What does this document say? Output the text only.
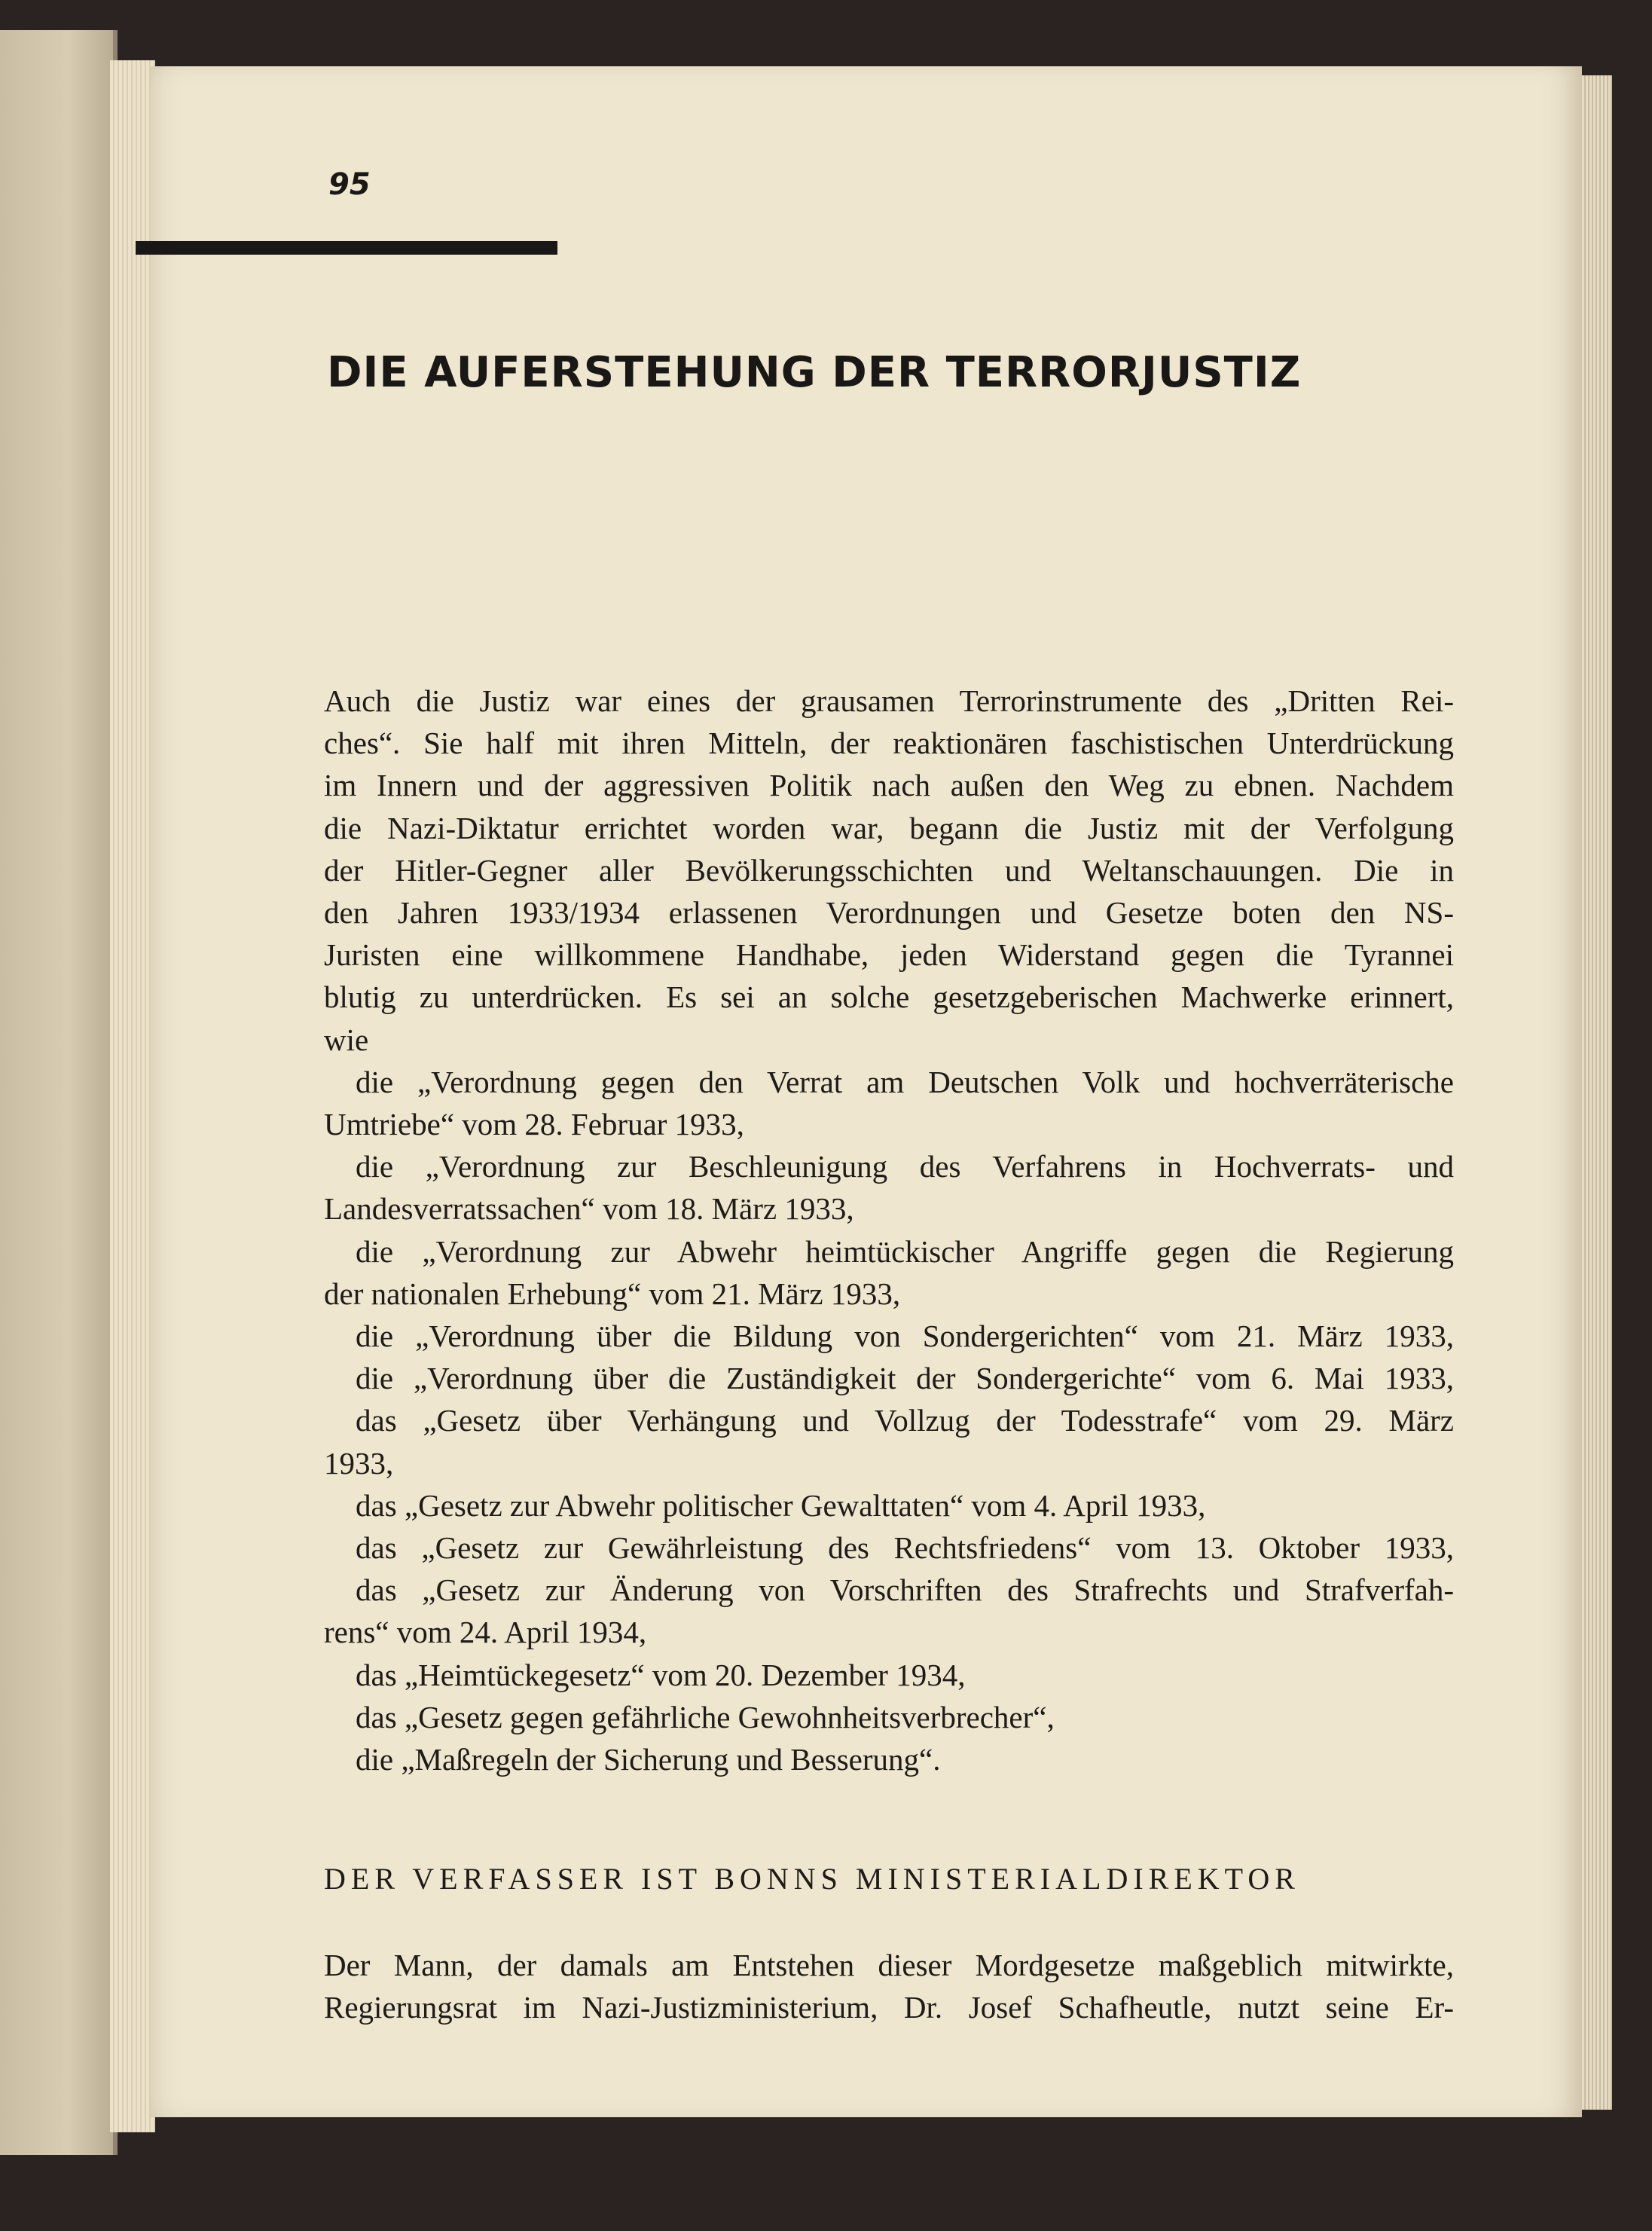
95
DIE AUFERSTEHUNG DER TERRORJUSTIZ
Auch die Justiz war eines der grausamen Terrorinstrumente des „Dritten Rei-
ches“. Sie half mit ihren Mitteln, der reaktionären faschistischen Unterdrückung
im Innern und der aggressiven Politik nach außen den Weg zu ebnen. Nachdem
die Nazi-Diktatur errichtet worden war, begann die Justiz mit der Verfolgung
der Hitler-Gegner aller Bevölkerungsschichten und Weltanschauungen. Die in
den Jahren 1933/1934 erlassenen Verordnungen und Gesetze boten den NS-
Juristen eine willkommene Handhabe, jeden Widerstand gegen die Tyrannei
blutig zu unterdrücken. Es sei an solche gesetzgeberischen Machwerke erinnert,
wie
die „Verordnung gegen den Verrat am Deutschen Volk und hochverräterische
Umtriebe“ vom 28. Februar 1933,
die „Verordnung zur Beschleunigung des Verfahrens in Hochverrats- und
Landesverratssachen“ vom 18. März 1933,
die „Verordnung zur Abwehr heimtückischer Angriffe gegen die Regierung
der nationalen Erhebung“ vom 21. März 1933,
die „Verordnung über die Bildung von Sondergerichten“ vom 21. März 1933,
die „Verordnung über die Zuständigkeit der Sondergerichte“ vom 6. Mai 1933,
das „Gesetz über Verhängung und Vollzug der Todesstrafe“ vom 29. März
1933,
das „Gesetz zur Abwehr politischer Gewalttaten“ vom 4. April 1933,
das „Gesetz zur Gewährleistung des Rechtsfriedens“ vom 13. Oktober 1933,
das „Gesetz zur Änderung von Vorschriften des Strafrechts und Strafverfah-
rens“ vom 24. April 1934,
das „Heimtückegesetz“ vom 20. Dezember 1934,
das „Gesetz gegen gefährliche Gewohnheitsverbrecher“,
die „Maßregeln der Sicherung und Besserung“.
DER VERFASSER IST BONNS MINISTERIALDIREKTOR
Der Mann, der damals am Entstehen dieser Mordgesetze maßgeblich mitwirkte,
Regierungsrat im Nazi-Justizministerium, Dr. Josef Schafheutle, nutzt seine Er-
